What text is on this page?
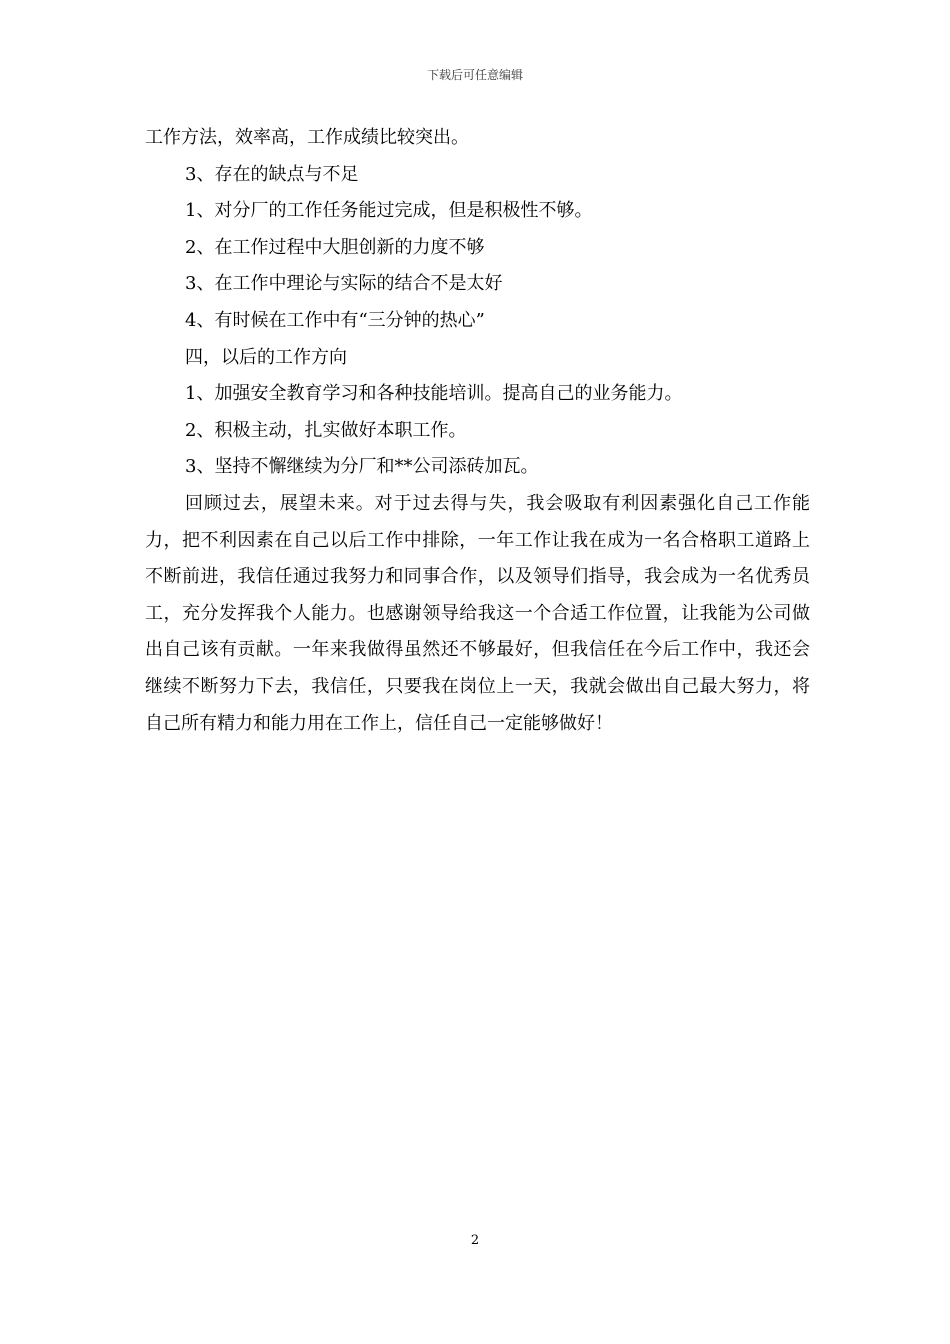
下载后可任意编辑
工作方法，效率高，工作成绩比较突出。
3、存在的缺点与不足
1、对分厂的工作任务能过完成，但是积极性不够。
2、在工作过程中大胆创新的力度不够
3、在工作中理论与实际的结合不是太好
4、有时候在工作中有“三分钟的热心”
四，以后的工作方向
1、加强安全教育学习和各种技能培训。提高自己的业务能力。
2、积极主动，扎实做好本职工作。
3、坚持不懈继续为分厂和**公司添砖加瓦。

回顾过去，展望未来。对于过去得与失，我会吸取有利因素强化自己工作能力，把不利因素在自己以后工作中排除，一年工作让我在成为一名合格职工道路上不断前进，我信任通过我努力和同事合作，以及领导们指导，我会成为一名优秀员工，充分发挥我个人能力。也感谢领导给我这一个合适工作位置，让我能为公司做出自己该有贡献。一年来我做得虽然还不够最好，但我信任在今后工作中，我还会继续不断努力下去，我信任，只要我在岗位上一天，我就会做出自己最大努力，将自己所有精力和能力用在工作上，信任自己一定能够做好！

2
